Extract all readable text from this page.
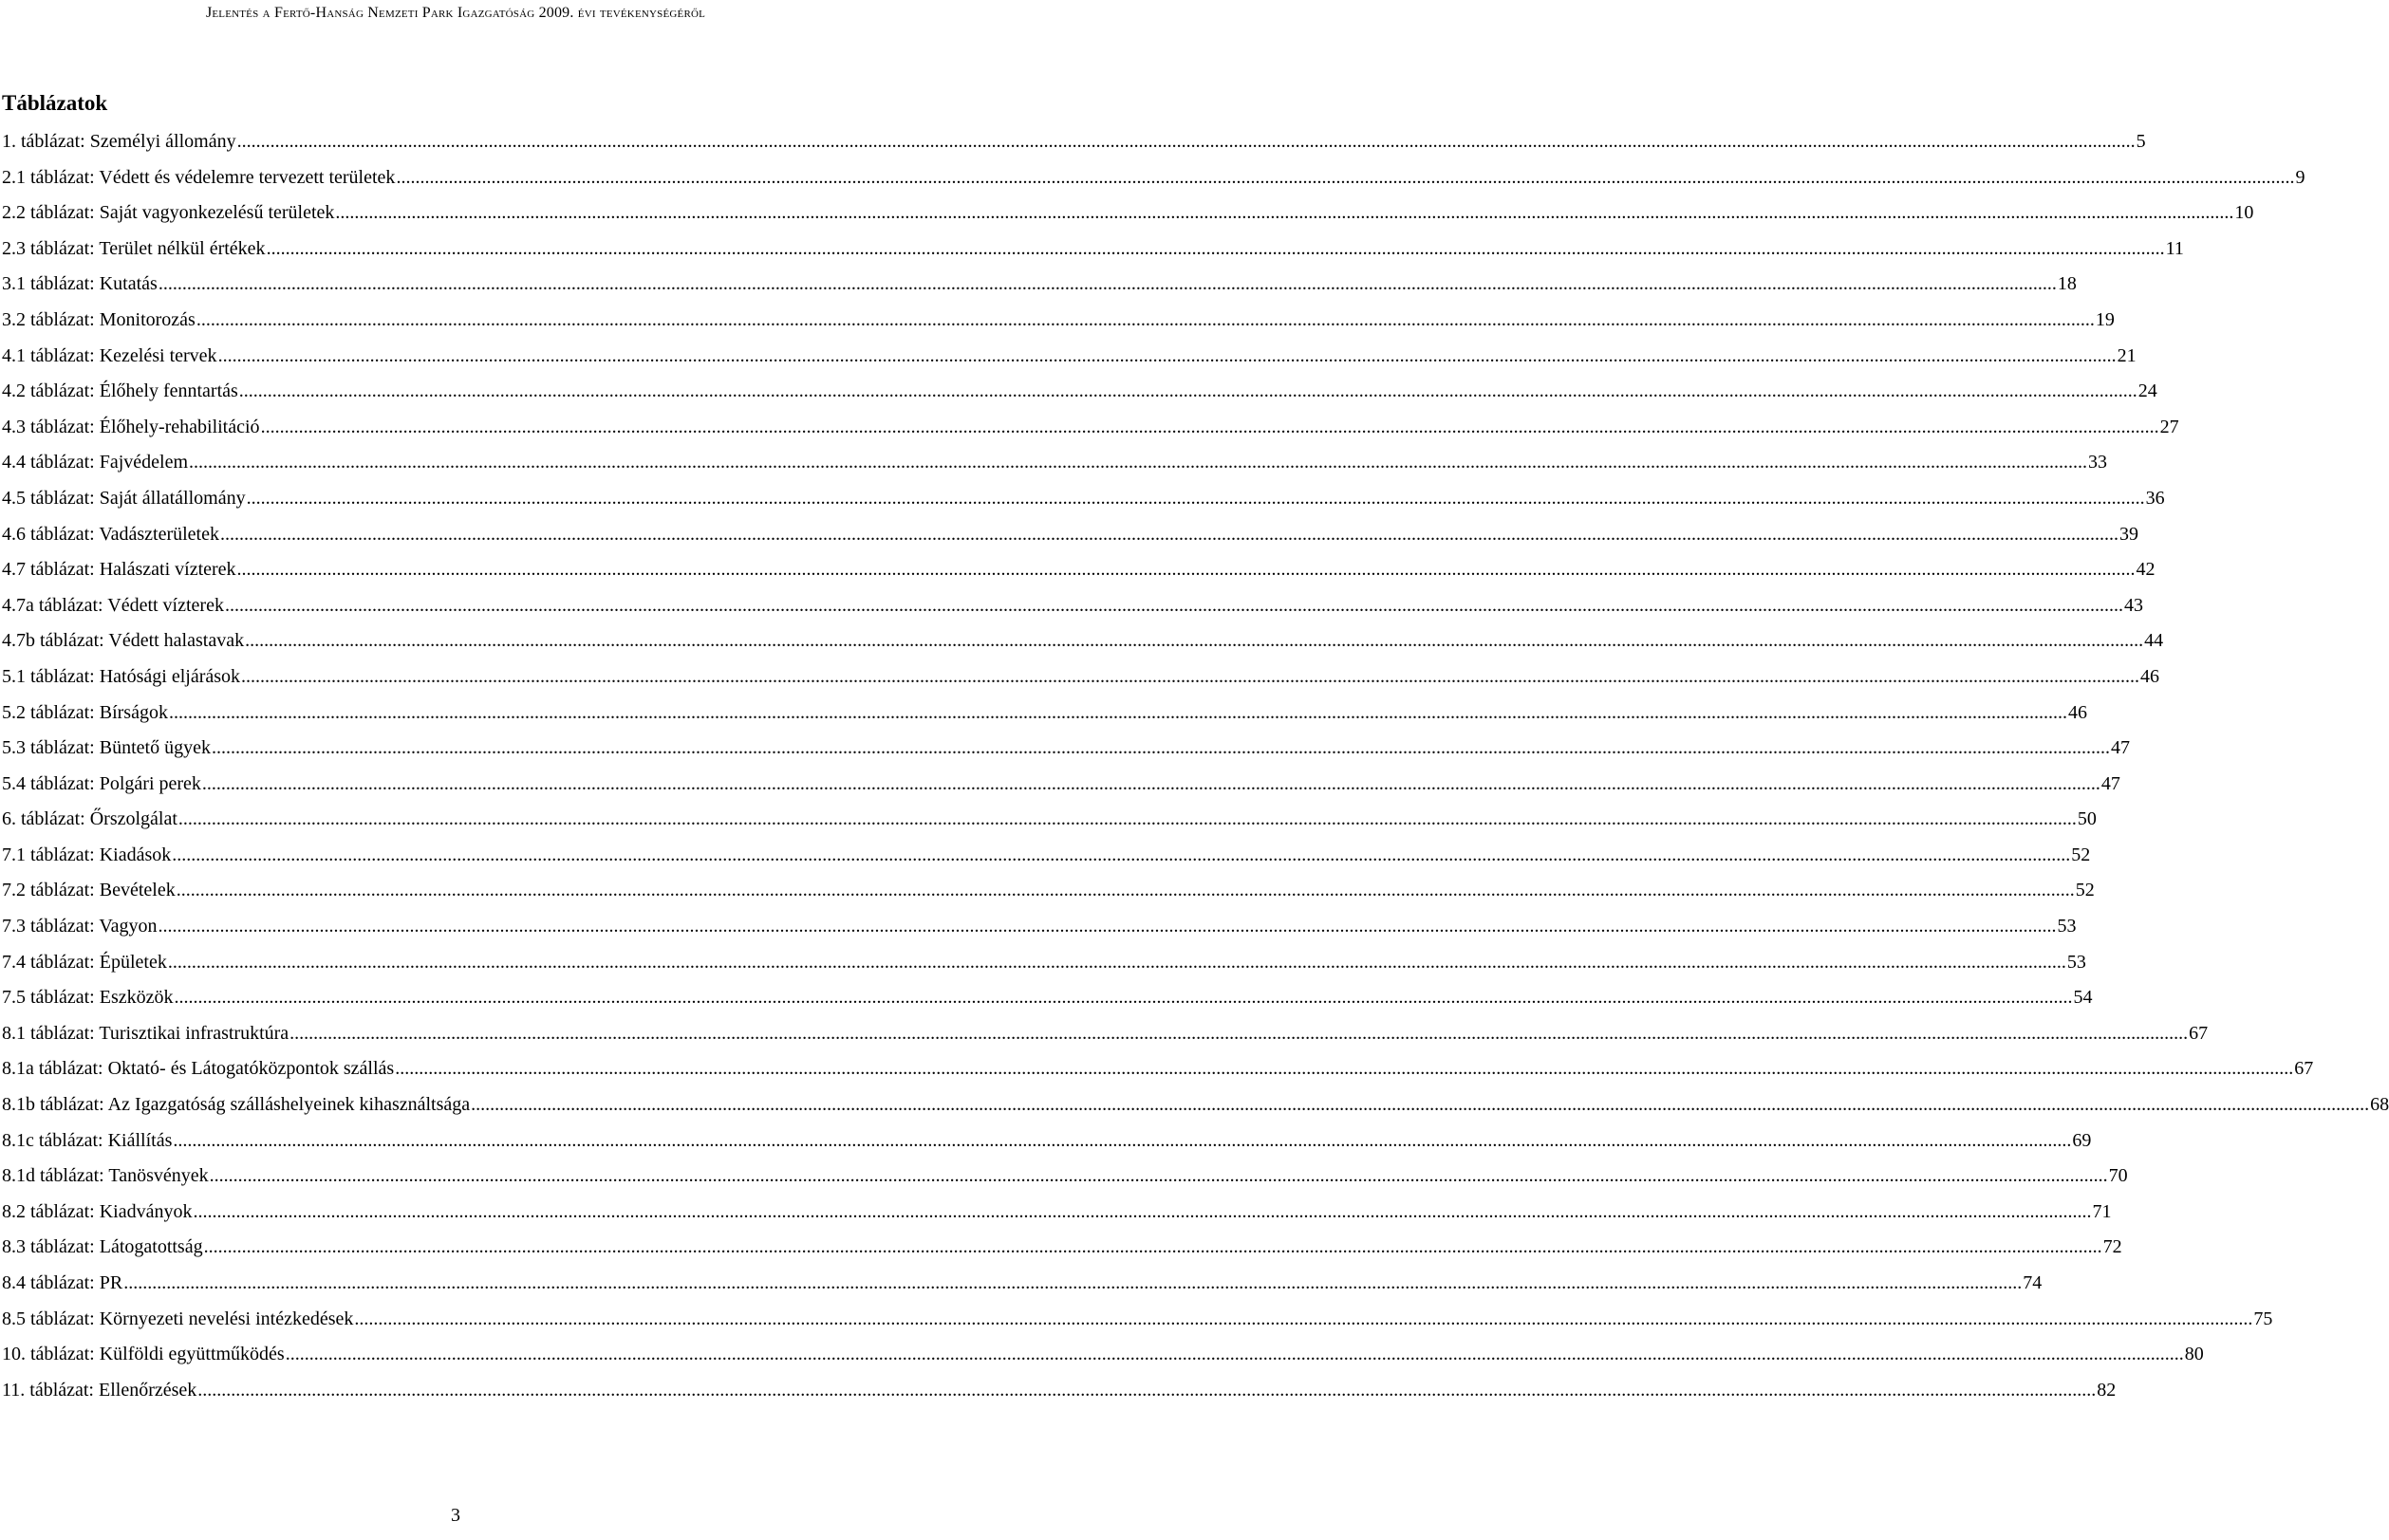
Jelentés a Fertő-Hanság Nemzeti Park Igazgatóság 2009. évi tevékenységéről
Táblázatok
1. táblázat: Személyi állomány ................................................................................................................................................................................................................................................................................................................................................................................................................ 5
2.1 táblázat: Védett és védelemre tervezett területek ................................................................................................................................................................................................................................................................................................................................................................................................................ 9
2.2 táblázat: Saját vagyonkezelésű területek ................................................................................................................................................................................................................................................................................................................................................................................................................ 10
2.3 táblázat: Terület nélkül értékek ................................................................................................................................................................................................................................................................................................................................................................................................................ 11
3.1 táblázat: Kutatás ................................................................................................................................................................................................................................................................................................................................................................................................................ 18
3.2 táblázat: Monitorozás ................................................................................................................................................................................................................................................................................................................................................................................................................ 19
4.1 táblázat: Kezelési tervek ................................................................................................................................................................................................................................................................................................................................................................................................................ 21
4.2 táblázat: Élőhely fenntartás ................................................................................................................................................................................................................................................................................................................................................................................................................ 24
4.3 táblázat: Élőhely-rehabilitáció ................................................................................................................................................................................................................................................................................................................................................................................................................ 27
4.4 táblázat: Fajvédelem ................................................................................................................................................................................................................................................................................................................................................................................................................ 33
4.5 táblázat: Saját állatállomány ................................................................................................................................................................................................................................................................................................................................................................................................................ 36
4.6 táblázat: Vadászterületek ................................................................................................................................................................................................................................................................................................................................................................................................................ 39
4.7 táblázat: Halászati vízterek ................................................................................................................................................................................................................................................................................................................................................................................................................ 42
4.7a táblázat: Védett vízterek ................................................................................................................................................................................................................................................................................................................................................................................................................ 43
4.7b táblázat: Védett halastavak ................................................................................................................................................................................................................................................................................................................................................................................................................ 44
5.1 táblázat: Hatósági eljárások ................................................................................................................................................................................................................................................................................................................................................................................................................ 46
5.2 táblázat: Bírságok ................................................................................................................................................................................................................................................................................................................................................................................................................ 46
5.3 táblázat: Büntető ügyek ................................................................................................................................................................................................................................................................................................................................................................................................................ 47
5.4 táblázat: Polgári perek ................................................................................................................................................................................................................................................................................................................................................................................................................ 47
6. táblázat: Őrszolgálat ................................................................................................................................................................................................................................................................................................................................................................................................................ 50
7.1 táblázat: Kiadások ................................................................................................................................................................................................................................................................................................................................................................................................................ 52
7.2 táblázat: Bevételek ................................................................................................................................................................................................................................................................................................................................................................................................................ 52
7.3 táblázat: Vagyon ................................................................................................................................................................................................................................................................................................................................................................................................................ 53
7.4 táblázat: Épületek ................................................................................................................................................................................................................................................................................................................................................................................................................ 53
7.5 táblázat: Eszközök ................................................................................................................................................................................................................................................................................................................................................................................................................ 54
8.1 táblázat: Turisztikai infrastruktúra ................................................................................................................................................................................................................................................................................................................................................................................................................ 67
8.1a táblázat: Oktató- és Látogatóközpontok szállás ................................................................................................................................................................................................................................................................................................................................................................................................................ 67
8.1b táblázat: Az Igazgatóság szálláshelyeinek kihasználtsága ................................................................................................................................................................................................................................................................................................................................................................................................................ 68
8.1c táblázat: Kiállítás ................................................................................................................................................................................................................................................................................................................................................................................................................ 69
8.1d táblázat: Tanösvények ................................................................................................................................................................................................................................................................................................................................................................................................................ 70
8.2 táblázat: Kiadványok ................................................................................................................................................................................................................................................................................................................................................................................................................ 71
8.3 táblázat: Látogatottság ................................................................................................................................................................................................................................................................................................................................................................................................................ 72
8.4 táblázat: PR ................................................................................................................................................................................................................................................................................................................................................................................................................ 74
8.5 táblázat: Környezeti nevelési intézkedések ................................................................................................................................................................................................................................................................................................................................................................................................................ 75
10. táblázat: Külföldi együttműködés ................................................................................................................................................................................................................................................................................................................................................................................................................ 80
11. táblázat: Ellenőrzések ................................................................................................................................................................................................................................................................................................................................................................................................................ 82
3
